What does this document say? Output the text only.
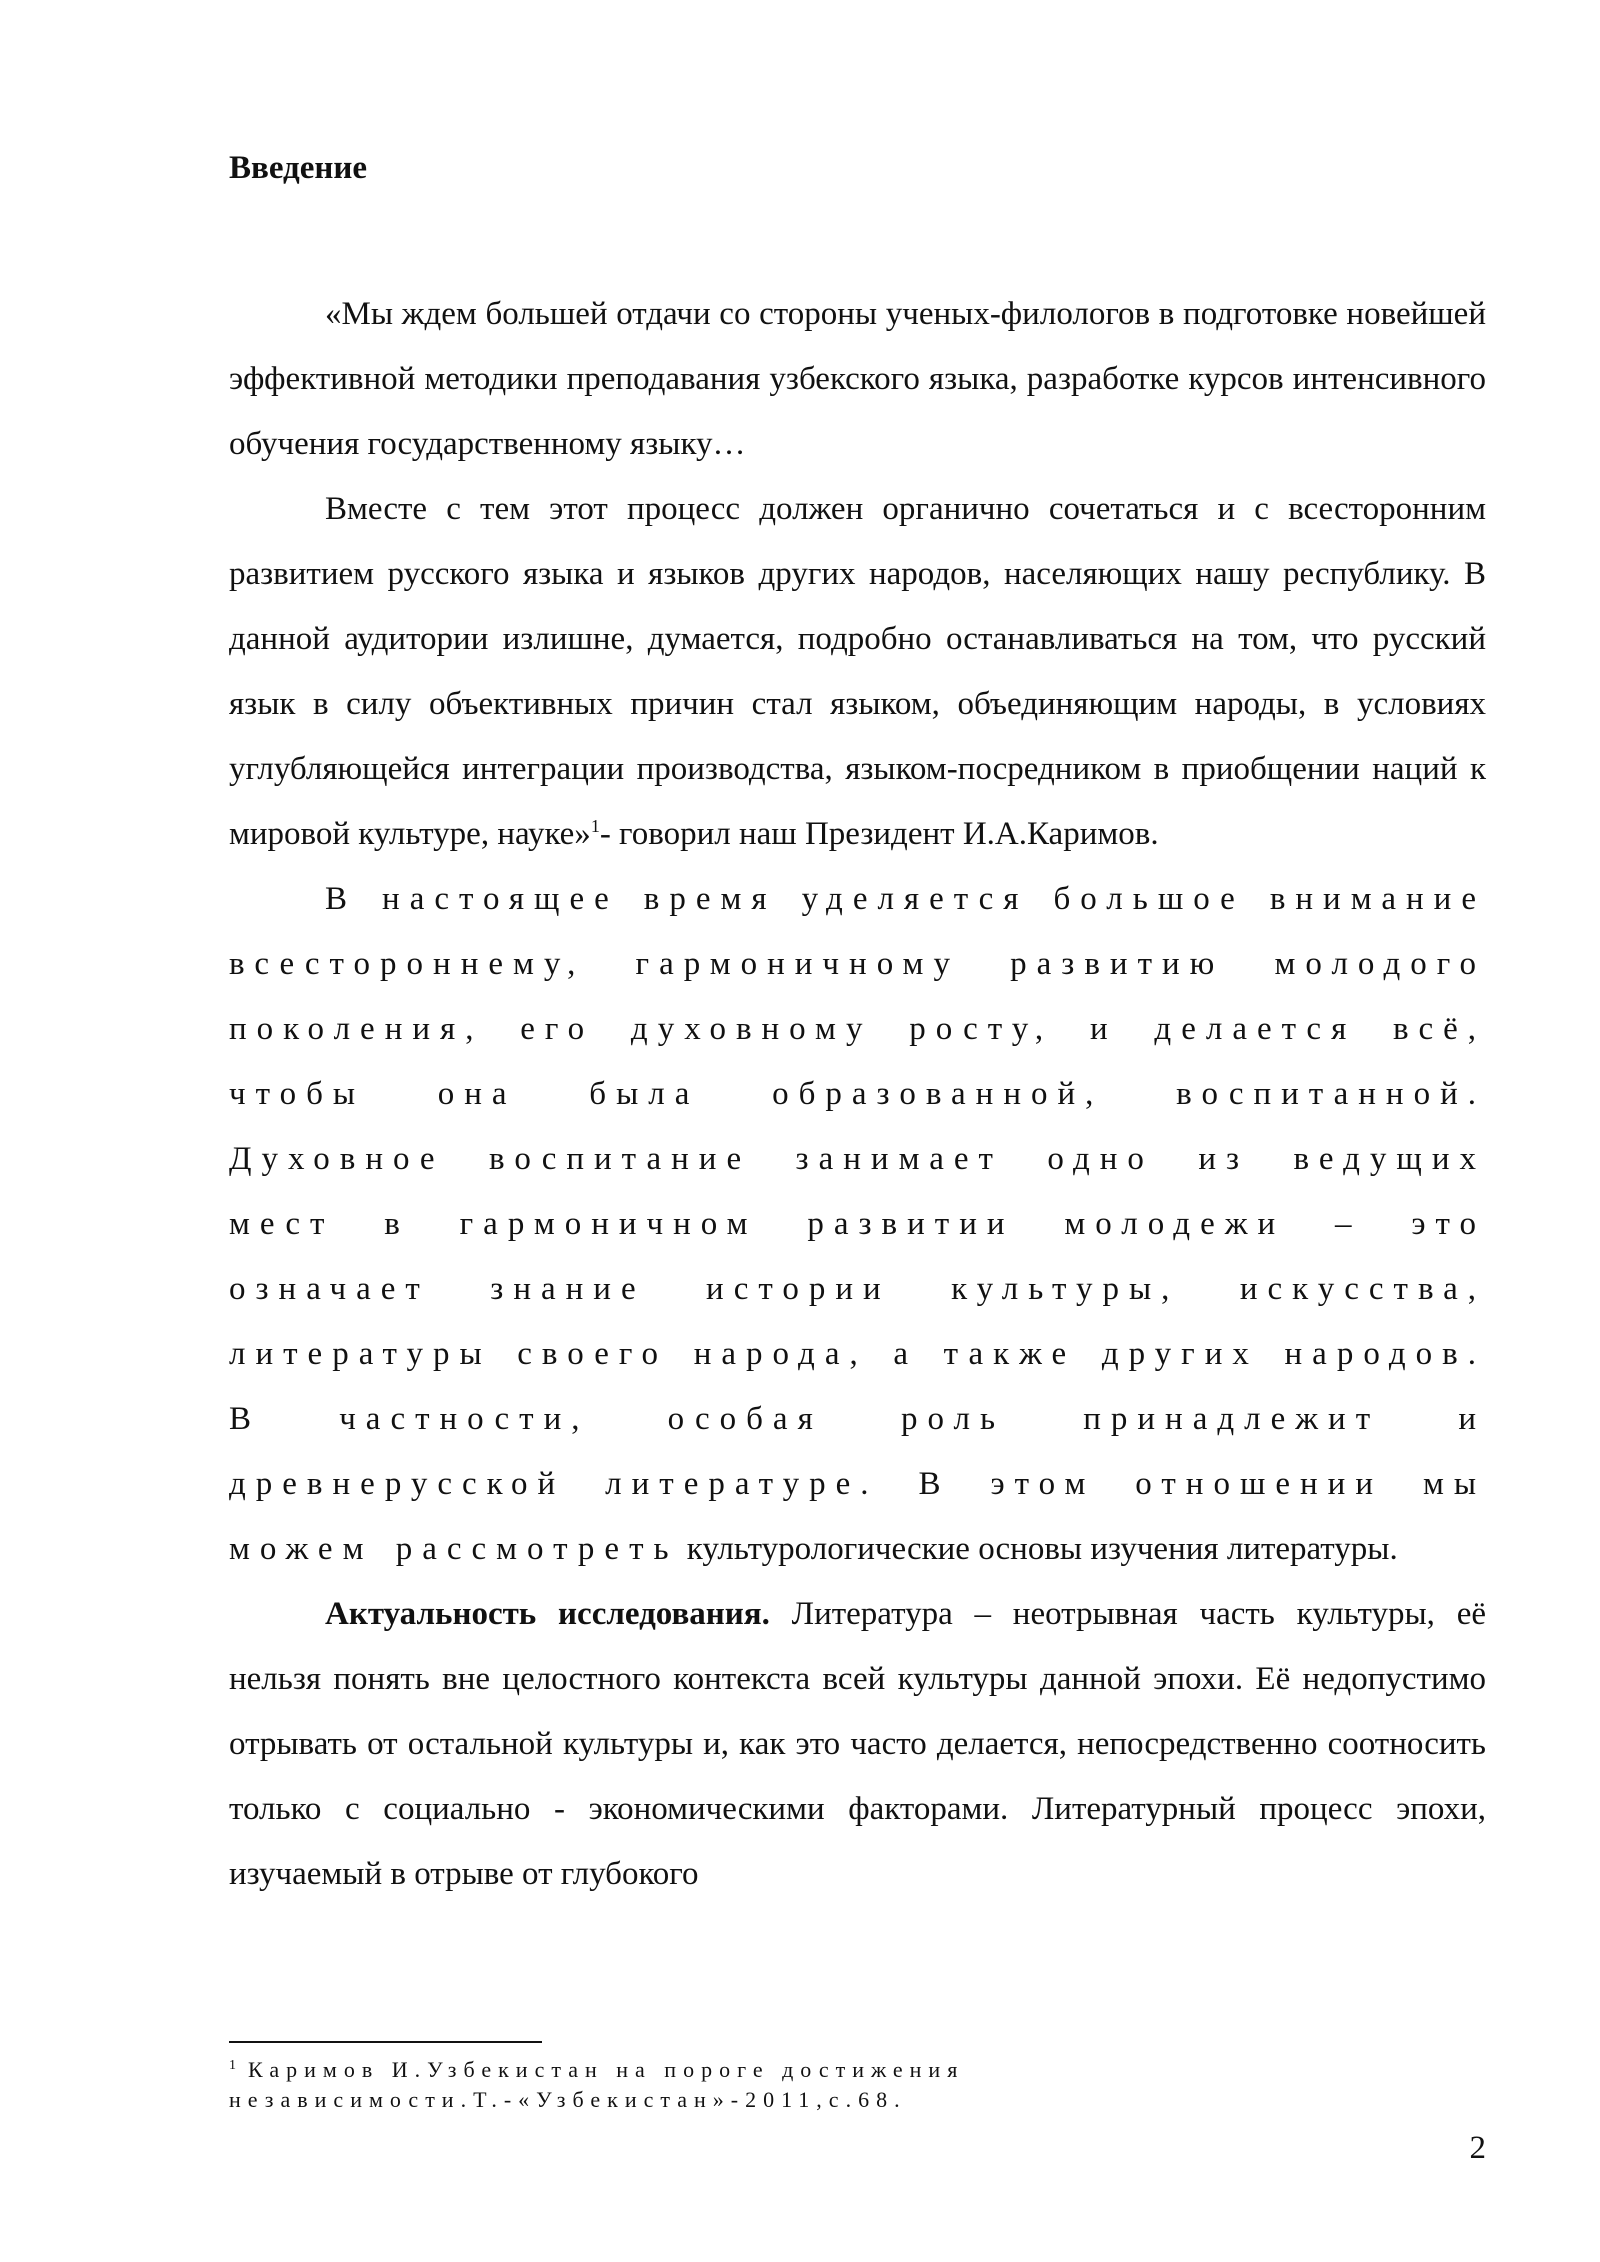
Введение

«Мы ждем большей отдачи со стороны ученых-филологов в подготовке новейшей эффективной методики преподавания узбекского языка, разработке курсов интенсивного обучения государственному языку…

Вместе с тем этот процесс должен органично сочетаться и с всесторонним развитием русского языка и языков других народов, населяющих нашу республику. В данной аудитории излишне, думается, подробно останавливаться на том, что русский язык в силу объективных причин стал языком, объединяющим народы, в условиях углубляющейся интеграции производства, языком-посредником в приобщении наций к мировой культуре, науке»$^1$- говорил наш Президент И.А.Каримов.

В настоящее время уделяется большое внимание всестороннему, гармоничному развитию молодого поколения, его духовному росту, и делается всё, чтобы она была образованной, воспитанной. Духовное воспитание занимает одно из ведущих мест в гармоничном развитии молодежи – это означает знание истории культуры, искусства, литературы своего народа, а также других народов. В частности, особая роль принадлежит и древнерусской литературе. В этом отношении мы можем рассмотреть культурологические основы изучения литературы.

Актуальность исследования. Литература – неотрывная часть культуры, её нельзя понять вне целостного контекста всей культуры данной эпохи. Её недопустимо отрывать от остальной культуры и, как это часто делается, непосредственно соотносить только с социально - экономическими факторами. Литературный процесс эпохи, изучаемый в отрыве от глубокого

$^1$ Каримов И.Узбекистан на пороге достижения независимости.Т.-«Узбекистан»-2011,с.68.
2
